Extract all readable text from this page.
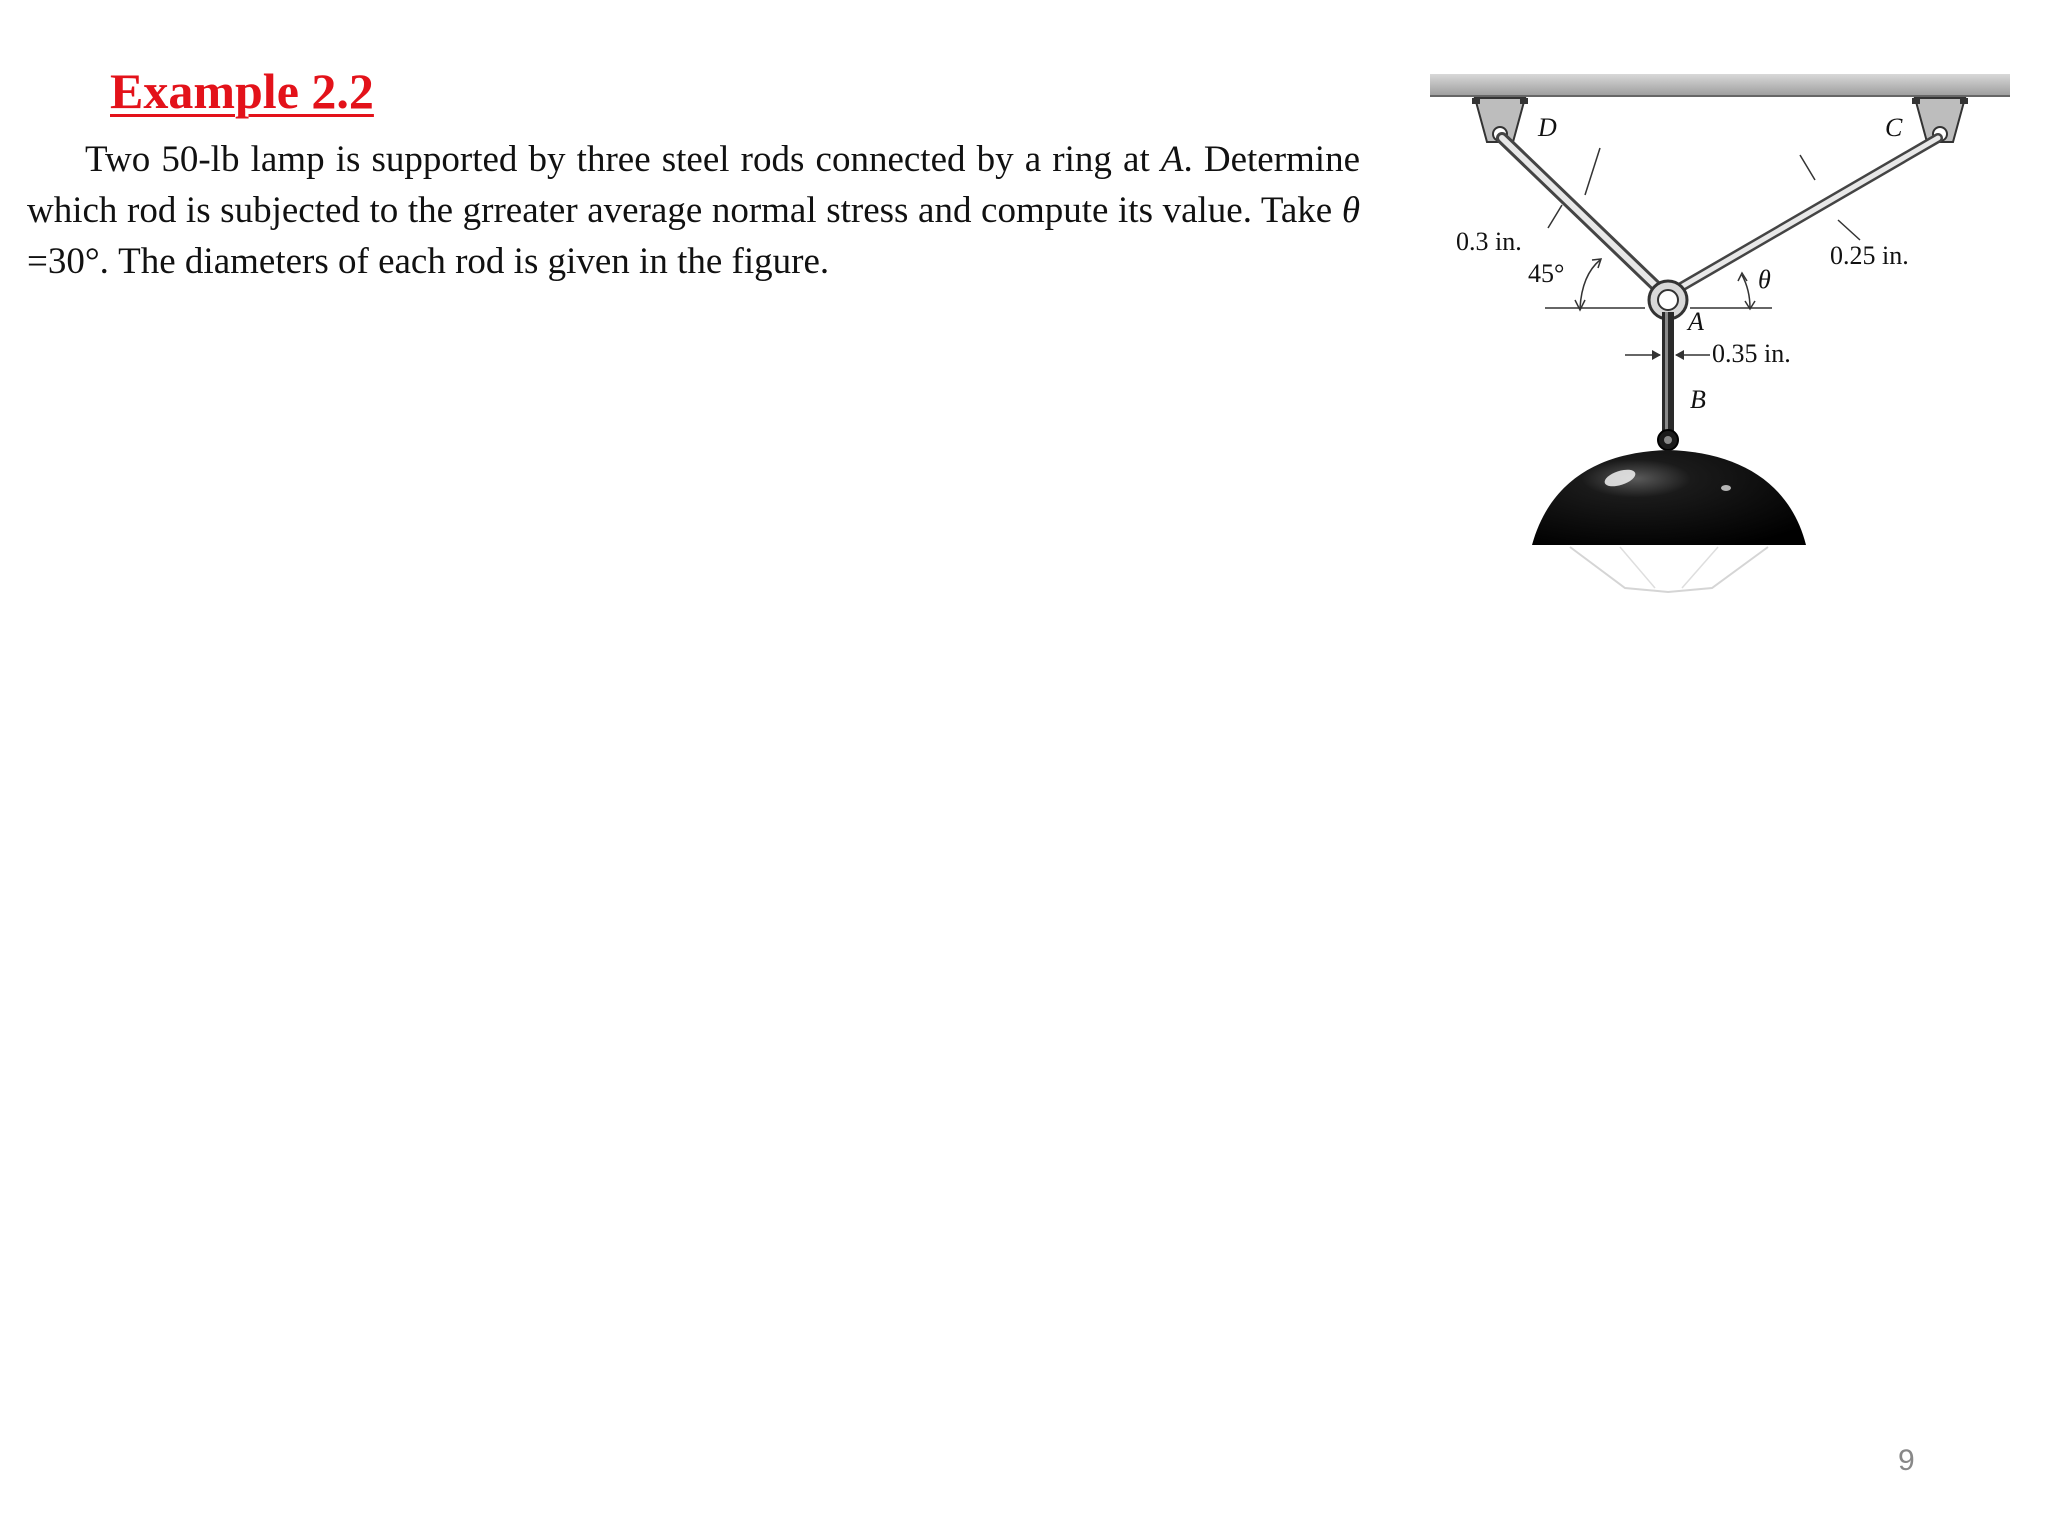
Example 2.2

Two 50-lb lamp is supported by three steel rods connected by a ring at A. Determine which rod is subjected to the grreater average normal stress and compute its value. Take θ =30°. The diameters of each rod is given in the figure.

D	C
A
B
0.3 in.	0.25 in.
0.35 in.
45°	θ
9
